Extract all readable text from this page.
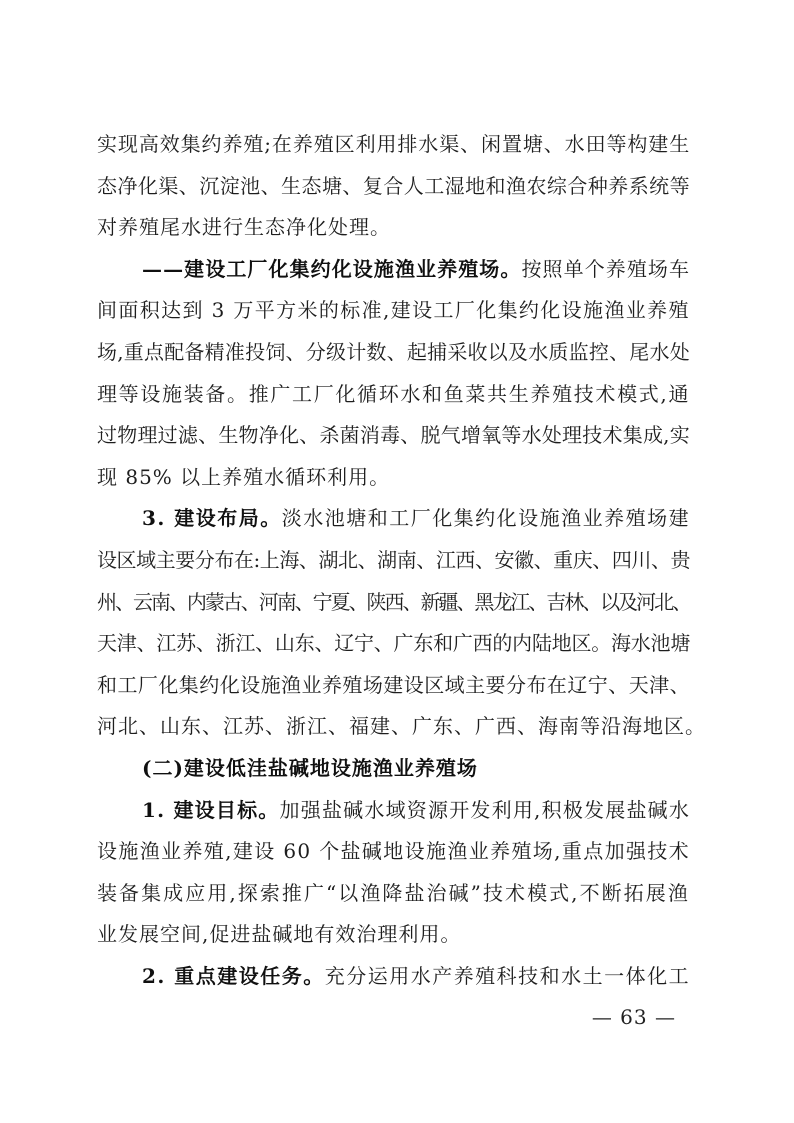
实现高效集约养殖;在养殖区利用排水渠、闲置塘、水田等构建生
态净化渠、沉淀池、生态塘、复合人工湿地和渔农综合种养系统等
对养殖尾水进行生态净化处理。
——建设工厂化集约化设施渔业养殖场。按照单个养殖场车
间面积达到 3 万平方米的标准,建设工厂化集约化设施渔业养殖
场,重点配备精准投饲、分级计数、起捕采收以及水质监控、尾水处
理等设施装备。推广工厂化循环水和鱼菜共生养殖技术模式,通
过物理过滤、生物净化、杀菌消毒、脱气增氧等水处理技术集成,实
现 85% 以上养殖水循环利用。
3. 建设布局。淡水池塘和工厂化集约化设施渔业养殖场建
设区域主要分布在:上海、湖北、湖南、江西、安徽、重庆、四川、贵
州、云南、内蒙古、河南、宁夏、陕西、新疆、黑龙江、吉林、以及河北、
天津、江苏、浙江、山东、辽宁、广东和广西的内陆地区。海水池塘
和工厂化集约化设施渔业养殖场建设区域主要分布在辽宁、天津、
河北、山东、江苏、浙江、福建、广东、广西、海南等沿海地区。
(二)建设低洼盐碱地设施渔业养殖场
1. 建设目标。加强盐碱水域资源开发利用,积极发展盐碱水
设施渔业养殖,建设 60 个盐碱地设施渔业养殖场,重点加强技术
装备集成应用,探索推广“以渔降盐治碱”技术模式,不断拓展渔
业发展空间,促进盐碱地有效治理利用。
2. 重点建设任务。充分运用水产养殖科技和水土一体化工
— 63 —
